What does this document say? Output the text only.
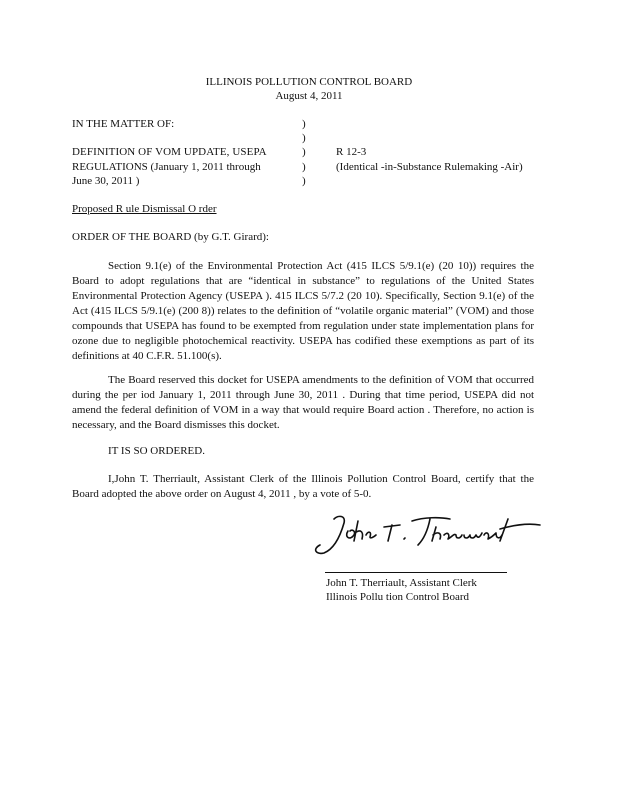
ILLINOIS POLLUTION CONTROL BOARD
August 4, 2011
IN THE MATTER OF:
DEFINITION OF VOM UPDATE, USEPA
REGULATIONS (January 1, 2011 through
June 30, 2011 )
)
)
)
)
)
R 12-3
(Identical -in-Substance Rulemaking -Air)
Proposed R ule Dismissal O rder
ORDER OF THE BOARD (by G.T. Girard):
Section 9.1(e) of the Environmental Protection Act (415 ILCS 5/9.1(e) (20 10)) requires the Board to adopt regulations that are “identical in substance” to regulations of the United States Environmental Protection Agency (USEPA ). 415 ILCS 5/7.2 (20 10). Specifically, Section 9.1(e) of the Act (415 ILCS 5/9.1(e) (200 8)) relates to the definition of “volatile organic material” (VOM) and those compounds that USEPA has found to be exempted from regulation under state implementation plans for ozone due to negligible photochemical reactivity. USEPA has codified these exemptions as part of its definitions at 40 C.F.R. 51.100(s).
The Board reserved this docket for USEPA amendments to the definition of VOM that occurred during the per iod January 1, 2011 through June 30, 2011 . During that time period, USEPA did not amend the federal definition of VOM in a way that would require Board action . Therefore, no action is necessary, and the Board dismisses this docket.
IT IS SO ORDERED.
I,John T. Therriault, Assistant Clerk of the Illinois Pollution Control Board, certify that the Board adopted the above order on August 4, 2011 , by a vote of 5-0.
John T. Therriault, Assistant Clerk
Illinois Pollu tion Control Board
